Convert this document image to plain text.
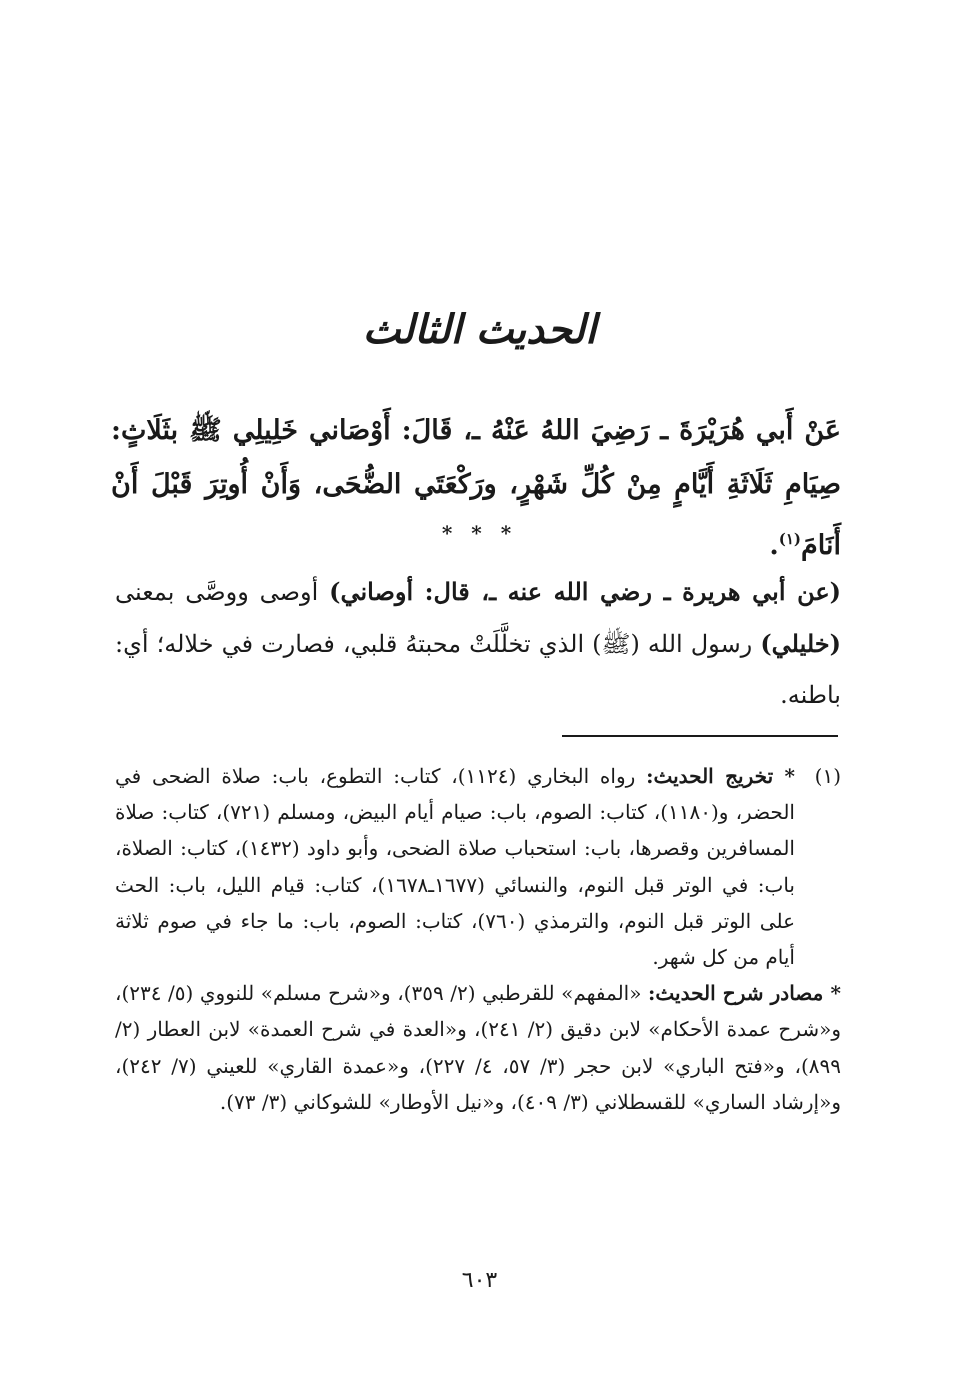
الحديث الثالث
عَنْ أَبي هُرَيْرَةَ ـ رَضِيَ اللهُ عَنْهُ ـ، قَالَ: أَوْصَاني خَلِيلِي ﷺ بثَلَاثٍ: صِيَامِ ثَلَاثَةِ أَيَّامٍ مِنْ كُلِّ شَهْرٍ، ورَكْعَتَي الضُّحَى، وَأَنْ أُوتِرَ قَبْلَ أَنْ أَنَامَ$^{(١)}$.
* * *
(عن أبي هريرة ـ رضي الله عنه ـ، قال: أوصاني) أوصى ووصَّى بمعنى (خليلي) رسول الله (ﷺ) الذي تخلَّلَتْ محبتهُ قلبي، فصارت في خلاله؛ أي: باطنه.
(١)
* تخريج الحديث: رواه البخاري (١١٢٤)، كتاب: التطوع، باب: صلاة الضحى في الحضر، و(١١٨٠)، كتاب: الصوم، باب: صيام أيام البيض، ومسلم (٧٢١)، كتاب: صلاة المسافرين وقصرها، باب: استحباب صلاة الضحى، وأبو داود (١٤٣٢)، كتاب: الصلاة، باب: في الوتر قبل النوم، والنسائي (١٦٧٧ـ١٦٧٨)، كتاب: قيام الليل، باب: الحث على الوتر قبل النوم، والترمذي (٧٦٠)، كتاب: الصوم، باب: ما جاء في صوم ثلاثة أيام من كل شهر.
* مصادر شرح الحديث: «المفهم» للقرطبي (٢/ ٣٥٩)، و«شرح مسلم» للنووي (٥/ ٢٣٤)، و«شرح عمدة الأحكام» لابن دقيق (٢/ ٢٤١)، و«العدة في شرح العمدة» لابن العطار (٢/ ٨٩٩)، و«فتح الباري» لابن حجر (٣/ ٥٧، ٤/ ٢٢٧)، و«عمدة القاري» للعيني (٧/ ٢٤٢)، و«إرشاد الساري» للقسطلاني (٣/ ٤٠٩)، و«نيل الأوطار» للشوكاني (٣/ ٧٣).
٦٠٣
